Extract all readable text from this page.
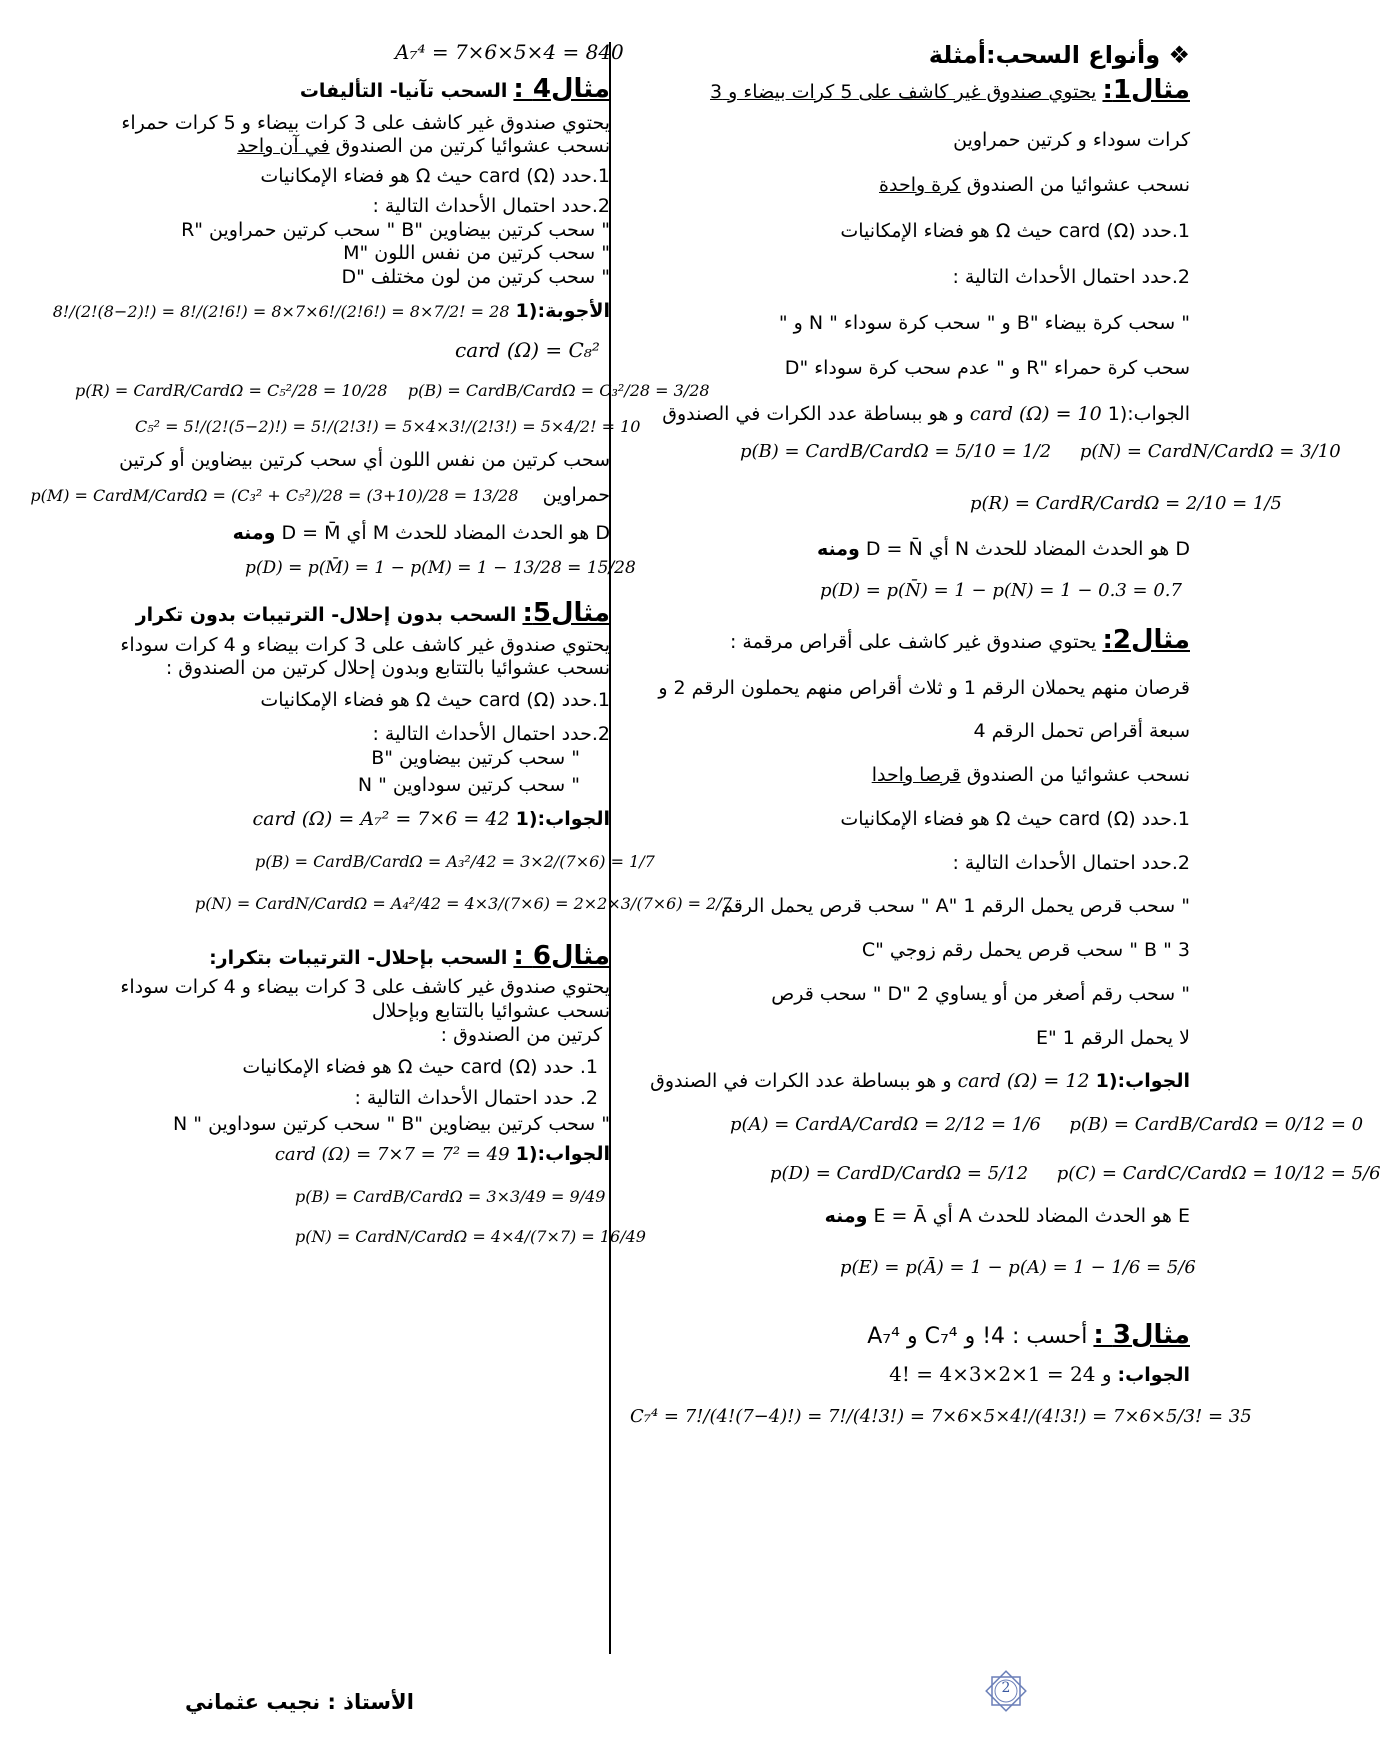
❖ وأنواع السحب:أمثلة

مثال1: يحتوي صندوق غير كاشف على 5 كرات بيضاء و 3

كرات سوداء و كرتين حمراوين

نسحب عشوائيا من الصندوق كرة واحدة

1.حدد card (Ω) حيث Ω هو فضاء الإمكانيات

2.حدد احتمال الأحداث التالية :

" سحب كرة بيضاء "B و " سحب كرة سوداء " N و "

سحب كرة حمراء "R و " عدم سحب كرة سوداء "D

الجواب:(1 card (Ω) = 10 و هو ببساطة عدد الكرات في الصندوق

p(B) = CardB/CardΩ = 5/10 = 1/2 p(N) = CardN/CardΩ = 3/10

p(R) = CardR/CardΩ = 2/10 = 1/5

D هو الحدث المضاد للحدث N أي D = N̄ ومنه

p(D) = p(N̄) = 1 − p(N) = 1 − 0.3 = 0.7

مثال2: يحتوي صندوق غير كاشف على أقراص مرقمة :

قرصان منهم يحملان الرقم 1 و ثلاث أقراص منهم يحملون الرقم 2 و

سبعة أقراص تحمل الرقم 4

نسحب عشوائيا من الصندوق قرصا واحدا

1.حدد card (Ω) حيث Ω هو فضاء الإمكانيات

2.حدد احتمال الأحداث التالية :

" سحب قرص يحمل الرقم 1 "A " سحب قرص يحمل الرقم

3 " B " سحب قرص يحمل رقم زوجي "C

" سحب رقم أصغر من أو يساوي 2 "D " سحب قرص

لا يحمل الرقم 1 "E

الجواب:(1 card (Ω) = 12 و هو ببساطة عدد الكرات في الصندوق

p(A) = CardA/CardΩ = 2/12 = 1/6 p(B) = CardB/CardΩ = 0/12 = 0

p(D) = CardD/CardΩ = 5/12 p(C) = CardC/CardΩ = 10/12 = 5/6

E هو الحدث المضاد للحدث A أي E = Ā ومنه

p(E) = p(Ā) = 1 − p(A) = 1 − 1/6 = 5/6

مثال3 : أحسب : 4! و C₇⁴ و A₇⁴

الجواب: 4! = 4×3×2×1 = 24 و

C₇⁴ = 7!/(4!(7−4)!) = 7!/(4!3!) = 7×6×5×4!/(4!3!) = 7×6×5/3! = 35

A₇⁴ = 7×6×5×4 = 840

مثال4 : السحب تآنيا- التأليفات

يحتوي صندوق غير كاشف على 3 كرات بيضاء و 5 كرات حمراء

نسحب عشوائيا كرتين من الصندوق في آن واحد

1.حدد card (Ω) حيث Ω هو فضاء الإمكانيات

2.حدد احتمال الأحداث التالية :

" سحب كرتين بيضاوين "B " سحب كرتين حمراوين "R

" سحب كرتين من نفس اللون "M

" سحب كرتين من لون مختلف "D

الأجوبة:(1 8!/(2!(8−2)!) = 8!/(2!6!) = 8×7×6!/(2!6!) = 8×7/2! = 28

card (Ω) = C₈²

p(R) = CardR/CardΩ = C₅²/28 = 10/28 p(B) = CardB/CardΩ = C₃²/28 = 3/28

C₅² = 5!/(2!(5−2)!) = 5!/(2!3!) = 5×4×3!/(2!3!) = 5×4/2! = 10

سحب كرتين من نفس اللون أي سحب كرتين بيضاوين أو كرتين

حمراوين    p(M) = CardM/CardΩ = (C₃² + C₅²)/28 = (3+10)/28 = 13/28

D هو الحدث المضاد للحدث M أي D = M̄ ومنه

p(D) = p(M̄) = 1 − p(M) = 1 − 13/28 = 15/28

مثال5: السحب بدون إحلال- الترتيبات بدون تكرار

يحتوي صندوق غير كاشف على 3 كرات بيضاء و 4 كرات سوداء

نسحب عشوائيا بالتتابع وبدون إحلال كرتين من الصندوق :

1.حدد card (Ω) حيث Ω هو فضاء الإمكانيات

2.حدد احتمال الأحداث التالية :

" سحب كرتين بيضاوين "B

" سحب كرتين سوداوين " N

الجواب:(1 card (Ω) = A₇² = 7×6 = 42

p(B) = CardB/CardΩ = A₃²/42 = 3×2/(7×6) = 1/7

p(N) = CardN/CardΩ = A₄²/42 = 4×3/(7×6) = 2×2×3/(7×6) = 2/7

مثال6 : السحب بإحلال- الترتيبات بتكرار:

يحتوي صندوق غير كاشف على 3 كرات بيضاء و 4 كرات سوداء

نسحب عشوائيا بالتتابع وبإحلال

كرتين من الصندوق :

1. حدد card (Ω) حيث Ω هو فضاء الإمكانيات

2. حدد احتمال الأحداث التالية :

" سحب كرتين بيضاوين "B " سحب كرتين سوداوين " N

الجواب:(1 card (Ω) = 7×7 = 7² = 49

p(B) = CardB/CardΩ = 3×3/49 = 9/49

p(N) = CardN/CardΩ = 4×4/(7×7) = 16/49

الأستاذ : نجيب عثماني
2
